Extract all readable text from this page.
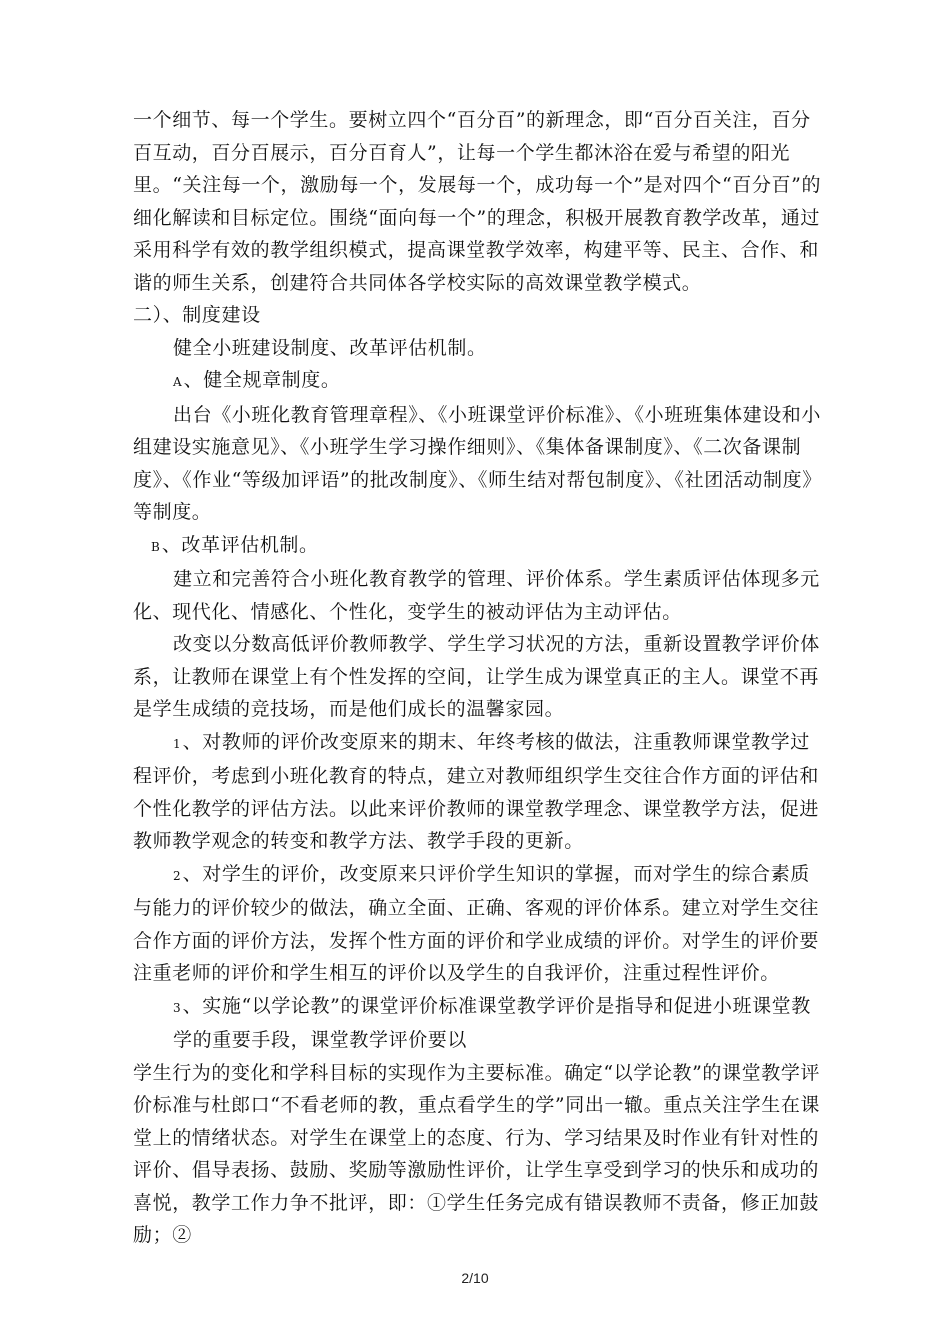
一个细节、每一个学生。要树立四个“百分百”的新理念，即“百分百关注，百分百互动，百分百展示，百分百育人”，让每一个学生都沐浴在爱与希望的阳光里。“关注每一个，激励每一个，发展每一个，成功每一个”是对四个“百分百”的细化解读和目标定位。围绕“面向每一个”的理念，积极开展教育教学改革，通过采用科学有效的教学组织模式，提高课堂教学效率，构建平等、民主、合作、和谐的师生关系，创建符合共同体各学校实际的高效课堂教学模式。

二）、制度建设

健全小班建设制度、改革评估机制。

A 、健全规章制度。

出台《小班化教育管理章程》、《小班课堂评价标准》、《小班班集体建设和小组建设实施意见》、《小班学生学习操作细则》、《集体备课制度》、《二次备课制度》、《作业“等级加评语”的批改制度》、《师生结对帮包制度》、《社团活动制度》等制度。

B 、改革评估机制。

建立和完善符合小班化教育教学的管理、评价体系。学生素质评估体现多元化、现代化、情感化、个性化，变学生的被动评估为主动评估。

改变以分数高低评价教师教学、学生学习状况的方法，重新设置教学评价体系，让教师在课堂上有个性发挥的空间，让学生成为课堂真正的主人。课堂不再是学生成绩的竞技场，而是他们成长的温馨家园。

1 、对教师的评价改变原来的期末、年终考核的做法，注重教师课堂教学过程评价，考虑到小班化教育的特点，建立对教师组织学生交往合作方面的评估和个性化教学的评估方法。以此来评价教师的课堂教学理念、课堂教学方法，促进教师教学观念的转变和教学方法、教学手段的更新。

2 、对学生的评价，改变原来只评价学生知识的掌握，而对学生的综合素质与能力的评价较少的做法，确立全面、正确、客观的评价体系。建立对学生交往合作方面的评价方法，发挥个性方面的评价和学业成绩的评价。对学生的评价要注重老师的评价和学生相互的评价以及学生的自我评价，注重过程性评价。

3 、实施“以学论教”的课堂评价标准课堂教学评价是指导和促进小班课堂教学的重要手段，课堂教学评价要以

学生行为的变化和学科目标的实现作为主要标准。确定“以学论教”的课堂教学评价标准与杜郎口“不看老师的教，重点看学生的学”同出一辙。重点关注学生在课堂上的情绪状态。对学生在课堂上的态度、行为、学习结果及时作业有针对性的评价、倡导表扬、鼓励、奖励等激励性评价，让学生享受到学习的快乐和成功的喜悦，教学工作力争不批评，即：①学生任务完成有错误教师不责备，修正加鼓励；②

2/10
